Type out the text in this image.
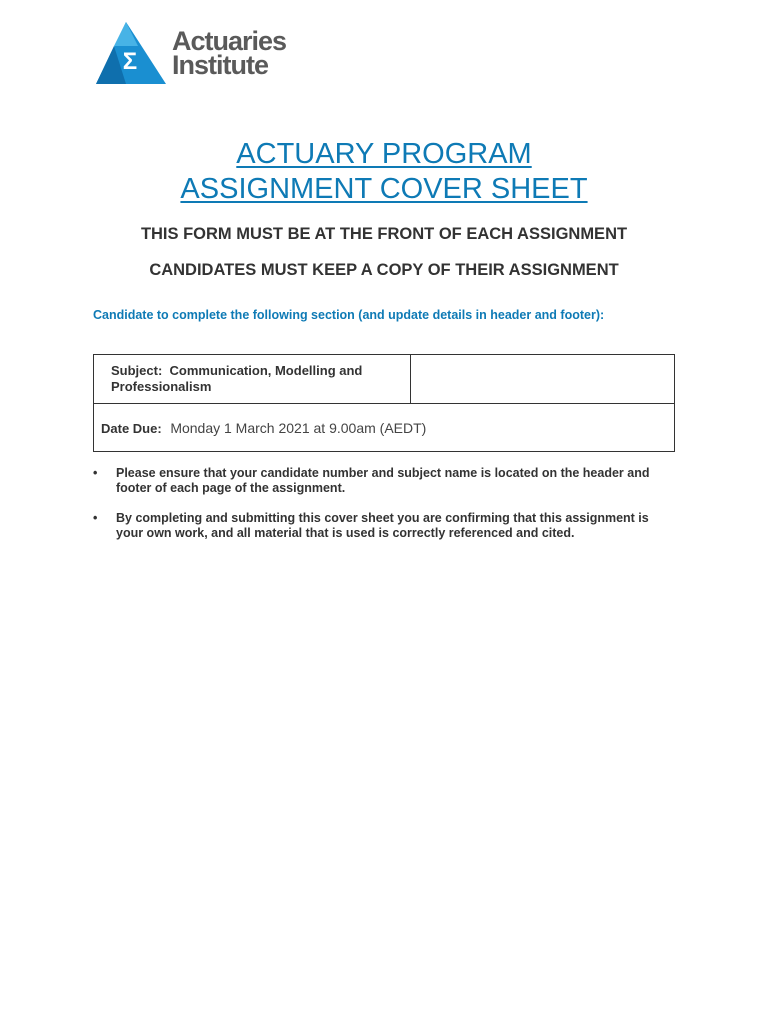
Σ
Actuaries
Institute
ACTUARY PROGRAM
ASSIGNMENT COVER SHEET
THIS FORM MUST BE AT THE FRONT OF EACH ASSIGNMENT
CANDIDATES MUST KEEP A COPY OF THEIR ASSIGNMENT
Candidate to complete the following section (and update details in header and footer):
Subject: Communication, Modelling and Professionalism	
Date Due: Monday 1 March 2021 at 9.00am (AEDT)
• Please ensure that your candidate number and subject name is located on the header and footer of each page of the assignment.
• By completing and submitting this cover sheet you are confirming that this assignment is your own work, and all material that is used is correctly referenced and cited.
